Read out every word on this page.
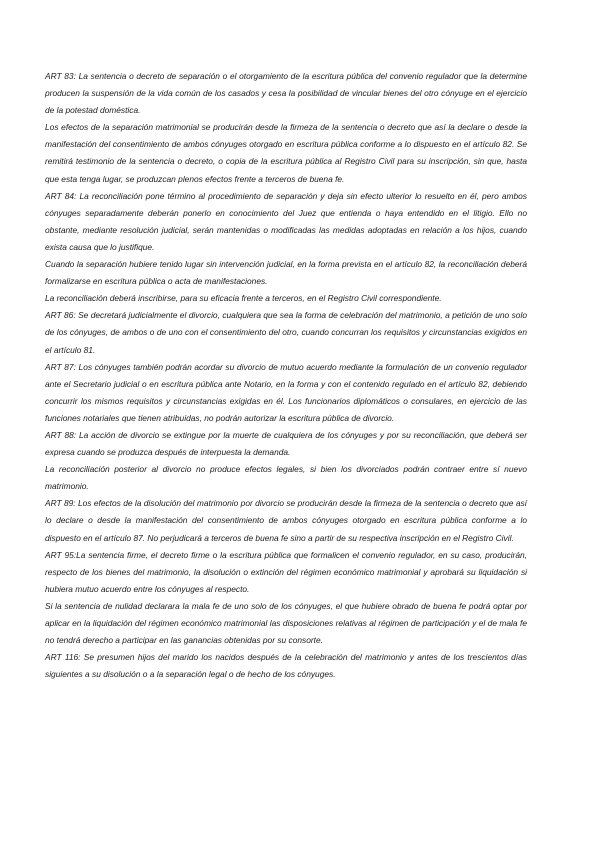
ART 83: La sentencia o decreto de separación o el otorgamiento de la escritura pública del convenio regulador que la determine producen la suspensión de la vida común de los casados y cesa la posibilidad de vincular bienes del otro cónyuge en el ejercicio de la potestad doméstica.

Los efectos de la separación matrimonial se producirán desde la firmeza de la sentencia o decreto que así la declare o desde la manifestación del consentimiento de ambos cónyuges otorgado en escritura pública conforme a lo dispuesto en el artículo 82. Se remitirá testimonio de la sentencia o decreto, o copia de la escritura pública al Registro Civil para su inscripción, sin que, hasta que esta tenga lugar, se produzcan plenos efectos frente a terceros de buena fe.

ART 84: La reconciliación pone término al procedimiento de separación y deja sin efecto ulterior lo resuelto en él, pero ambos cónyuges separadamente deberán ponerlo en conocimiento del Juez que entienda o haya entendido en el litigio. Ello no obstante, mediante resolución judicial, serán mantenidas o modificadas las medidas adoptadas en relación a los hijos, cuando exista causa que lo justifique.

Cuando la separación hubiere tenido lugar sin intervención judicial, en la forma prevista en el artículo 82, la reconciliación deberá formalizarse en escritura pública o acta de manifestaciones.

La reconciliación deberá inscribirse, para su eficacia frente a terceros, en el Registro Civil correspondiente.

ART 86: Se decretará judicialmente el divorcio, cualquiera que sea la forma de celebración del matrimonio, a petición de uno solo de los cónyuges, de ambos o de uno con el consentimiento del otro, cuando concurran los requisitos y circunstancias exigidos en el artículo 81.

ART 87: Los cónyuges también podrán acordar su divorcio de mutuo acuerdo mediante la formulación de un convenio regulador ante el Secretario judicial o en escritura pública ante Notario, en la forma y con el contenido regulado en el artículo 82, debiendo concurrir los mismos requisitos y circunstancias exigidas en él. Los funcionarios diplomáticos o consulares, en ejercicio de las funciones notariales que tienen atribuidas, no podrán autorizar la escritura pública de divorcio.

ART 88: La acción de divorcio se extingue por la muerte de cualquiera de los cónyuges y por su reconciliación, que deberá ser expresa cuando se produzca después de interpuesta la demanda.

La reconciliación posterior al divorcio no produce efectos legales, si bien los divorciados podrán contraer entre sí nuevo matrimonio.

ART 89: Los efectos de la disolución del matrimonio por divorcio se producirán desde la firmeza de la sentencia o decreto que así lo declare o desde la manifestación del consentimiento de ambos cónyuges otorgado en escritura pública conforme a lo dispuesto en el artículo 87. No perjudicará a terceros de buena fe sino a partir de su respectiva inscripción en el Registro Civil.

ART 95:La sentencia firme, el decreto firme o la escritura pública que formalicen el convenio regulador, en su caso, producirán, respecto de los bienes del matrimonio, la disolución o extinción del régimen económico matrimonial y aprobará su liquidación si hubiera mutuo acuerdo entre los cónyuges al respecto.

Si la sentencia de nulidad declarara la mala fe de uno solo de los cónyuges, el que hubiere obrado de buena fe podrá optar por aplicar en la liquidación del régimen económico matrimonial las disposiciones relativas al régimen de participación y el de mala fe no tendrá derecho a participar en las ganancias obtenidas por su consorte.

ART 116: Se presumen hijos del marido los nacidos después de la celebración del matrimonio y antes de los trescientos días siguientes a su disolución o a la separación legal o de hecho de los cónyuges.
